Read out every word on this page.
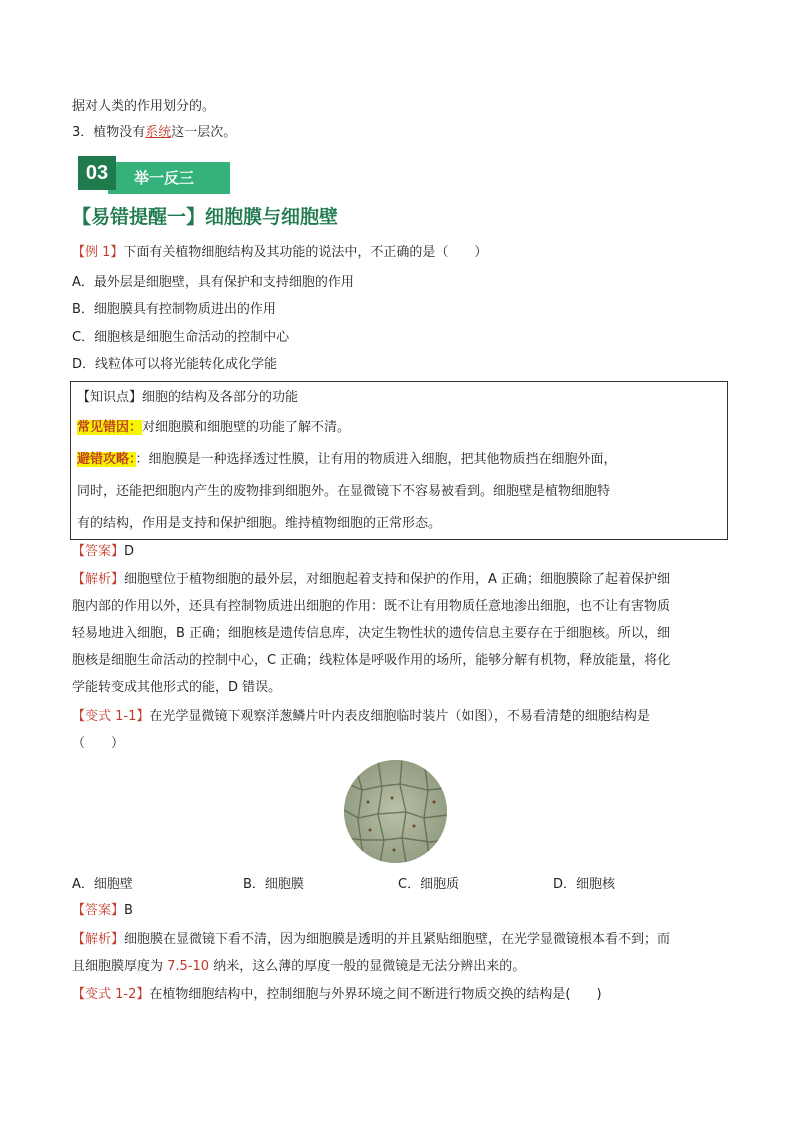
据对人类的作用划分的。
3．植物没有系统这一层次。
03	举一反三
【易错提醒一】细胞膜与细胞壁
【例 1】下面有关植物细胞结构及其功能的说法中，不正确的是（　　）
A．最外层是细胞壁，具有保护和支持细胞的作用
B．细胞膜具有控制物质进出的作用
C．细胞核是细胞生命活动的控制中心
D．线粒体可以将光能转化成化学能
【知识点】细胞的结构及各部分的功能
常见错因：对细胞膜和细胞壁的功能了解不清。
避错攻略：：细胞膜是一种选择透过性膜，让有用的物质进入细胞，把其他物质挡在细胞外面，
同时，还能把细胞内产生的废物排到细胞外。在显微镜下不容易被看到。细胞壁是植物细胞特
有的结构，作用是支持和保护细胞。维持植物细胞的正常形态。
【答案】D
【解析】细胞壁位于植物细胞的最外层，对细胞起着支持和保护的作用，A 正确；细胞膜除了起着保护细
胞内部的作用以外，还具有控制物质进出细胞的作用：既不让有用物质任意地渗出细胞，也不让有害物质
轻易地进入细胞，B 正确；细胞核是遗传信息库，决定生物性状的遗传信息主要存在于细胞核。所以，细
胞核是细胞生命活动的控制中心，C 正确；线粒体是呼吸作用的场所，能够分解有机物，释放能量，将化
学能转变成其他形式的能，D 错误。
【变式 1-1】在光学显微镜下观察洋葱鳞片叶内表皮细胞临时装片（如图），不易看清楚的细胞结构是
（　　）
A．细胞壁	B．细胞膜	C．细胞质	D．细胞核
【答案】B
【解析】细胞膜在显微镜下看不清，因为细胞膜是透明的并且紧贴细胞壁，在光学显微镜根本看不到；而
且细胞膜厚度为 7.5-10 纳米，这么薄的厚度一般的显微镜是无法分辨出来的。
【变式 1-2】在植物细胞结构中，控制细胞与外界环境之间不断进行物质交换的结构是(　　)
